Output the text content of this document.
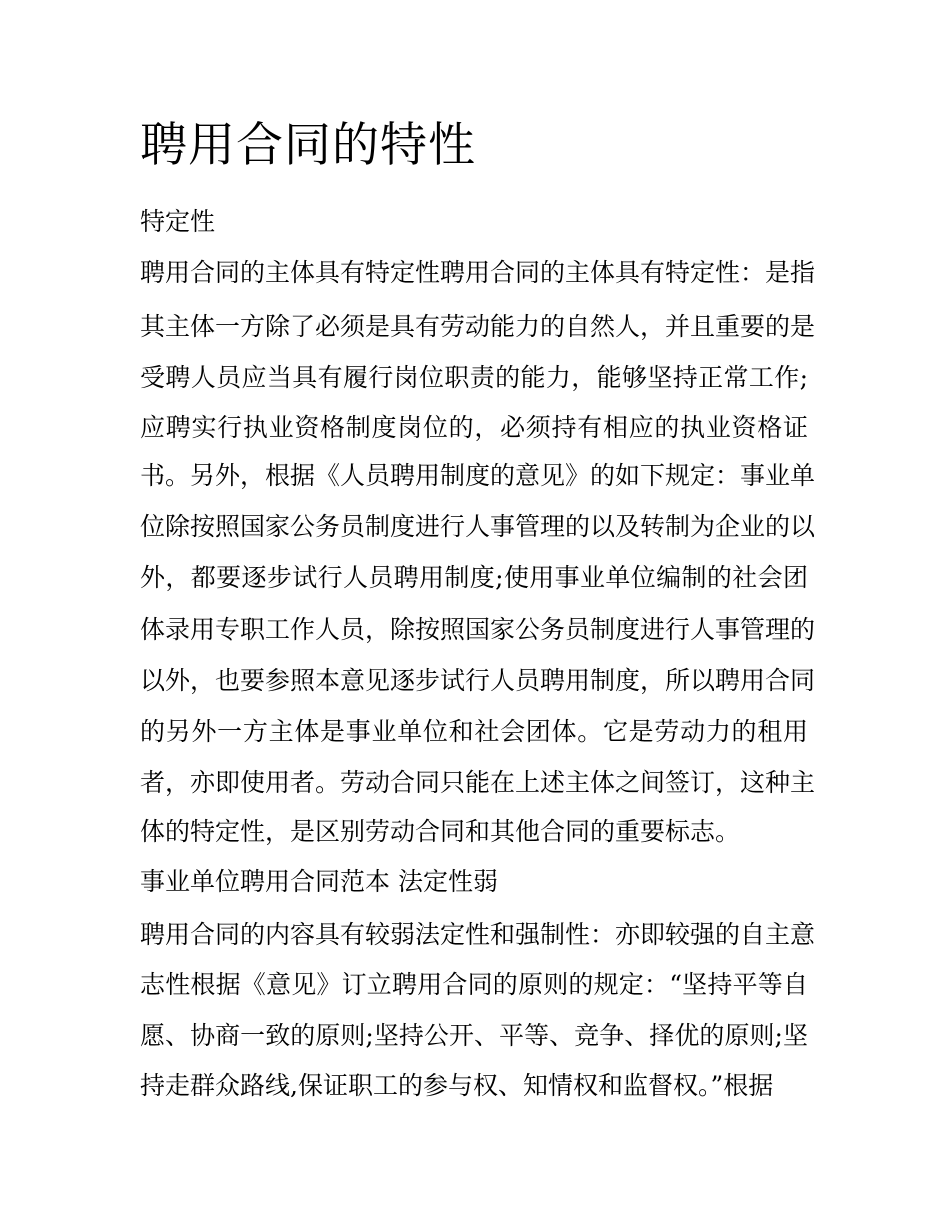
聘用合同的特性

特定性

聘用合同的主体具有特定性聘用合同的主体具有特定性：是指

其主体一方除了必须是具有劳动能力的自然人，并且重要的是

受聘人员应当具有履行岗位职责的能力，能够坚持正常工作;

应聘实行执业资格制度岗位的，必须持有相应的执业资格证

书。另外，根据《人员聘用制度的意见》的如下规定：事业单

位除按照国家公务员制度进行人事管理的以及转制为企业的以

外，都要逐步试行人员聘用制度;使用事业单位编制的社会团

体录用专职工作人员，除按照国家公务员制度进行人事管理的

以外，也要参照本意见逐步试行人员聘用制度，所以聘用合同

的另外一方主体是事业单位和社会团体。它是劳动力的租用

者，亦即使用者。劳动合同只能在上述主体之间签订，这种主

体的特定性，是区别劳动合同和其他合同的重要标志。

事业单位聘用合同范本 法定性弱

聘用合同的内容具有较弱法定性和强制性：亦即较强的自主意

志性根据《意见》订立聘用合同的原则的规定：“坚持平等自

愿、协商一致的原则;坚持公开、平等、竞争、择优的原则;坚

持走群众路线,保证职工的参与权、知情权和监督权。”根据
